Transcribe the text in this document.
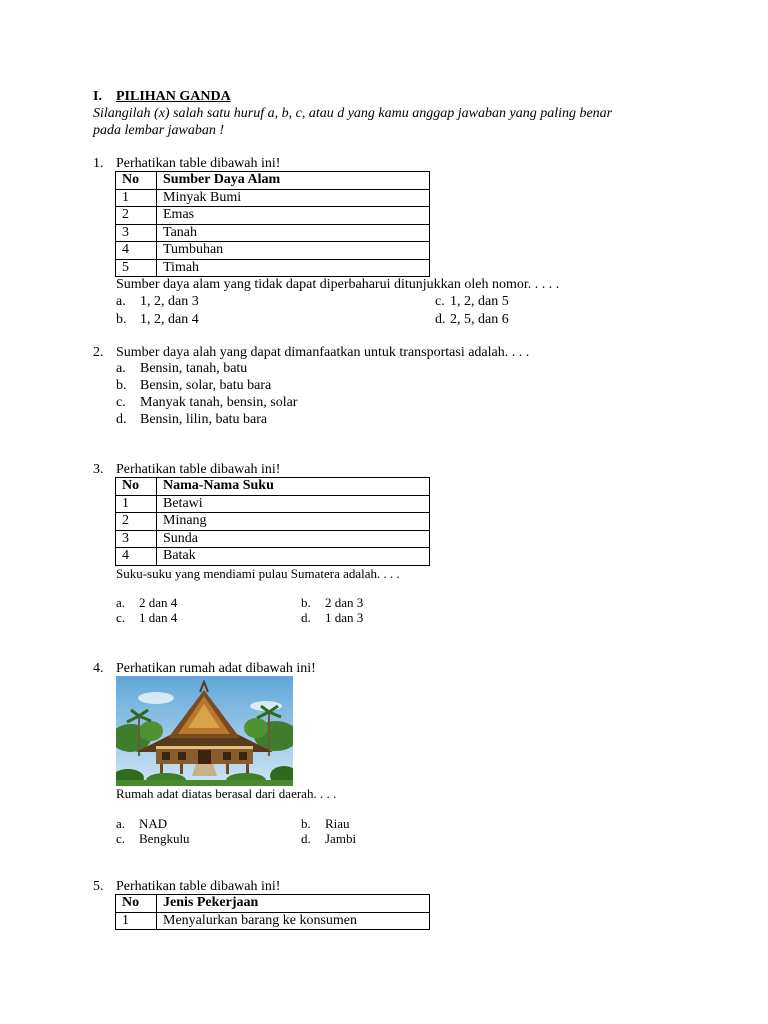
I. PILIHAN GANDA
Silangilah (x) salah satu huruf a, b, c, atau d yang kamu anggap jawaban yang paling benar
pada lembar jawaban !
1. Perhatikan table dibawah ini!
No	Sumber Daya Alam
1	Minyak Bumi
2	Emas
3	Tanah
4	Tumbuhan
5	Timah
Sumber daya alam yang tidak dapat diperbaharui ditunjukkan oleh nomor. . . . .
a. 1, 2, dan 3
b. 1, 2, dan 4
c. 1, 2, dan 5
d. 2, 5, dan 6
2. Sumber daya alah yang dapat dimanfaatkan untuk transportasi adalah. . . .
a. Bensin, tanah, batu
b. Bensin, solar, batu bara
c. Manyak tanah, bensin, solar
d. Bensin, lilin, batu bara
3. Perhatikan table dibawah ini!
No	Nama-Nama Suku
1	Betawi
2	Minang
3	Sunda
4	Batak
Suku-suku yang mendiami pulau Sumatera adalah. . . .
a. 2 dan 4	b. 2 dan 3
c. 1 dan 4	d. 1 dan 3
4. Perhatikan rumah adat dibawah ini!
Rumah adat diatas berasal dari daerah. . . .
a. NAD	b. Riau
c. Bengkulu	d. Jambi
5. Perhatikan table dibawah ini!
No	Jenis Pekerjaan
1	Menyalurkan barang ke konsumen
